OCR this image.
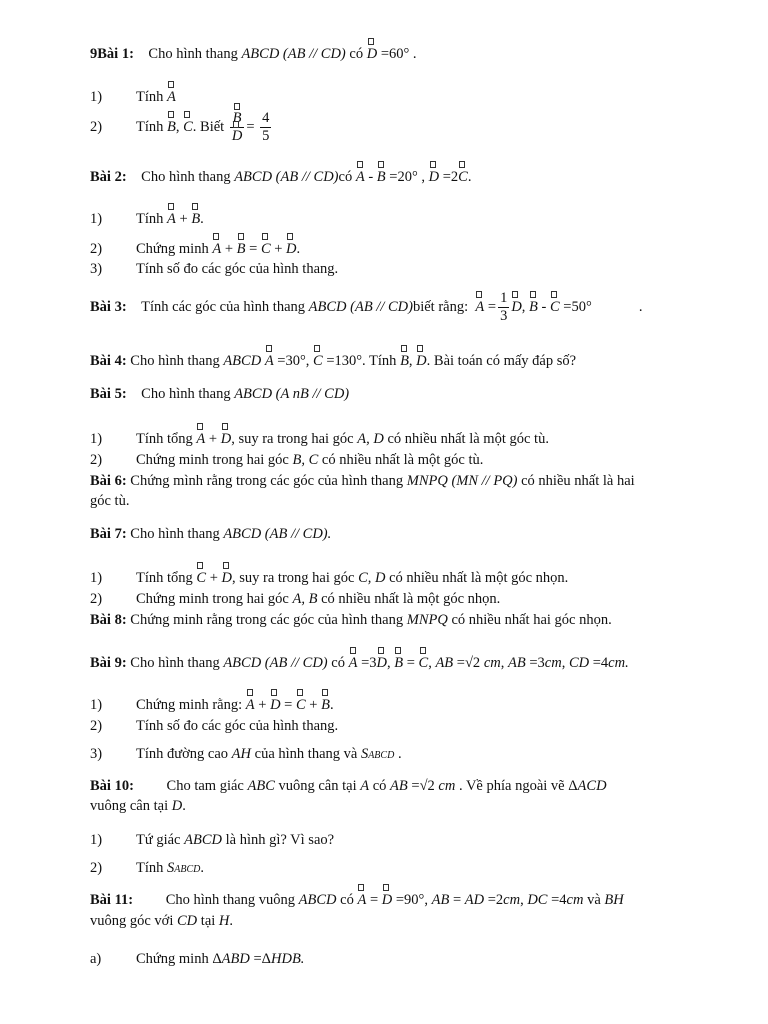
9Bài 1:    Cho hình thang ABCD (AB // CD) có D =60° .
1) Tính A
2) Tính B, C. Biết $\frac{B}{D} = \frac{4}{5}$
Bài 2:    Cho hình thang ABCD (AB // CD)có A - B =20° , D =2C.
1) Tính A + B.
2) Chứng minh A + B = C + D.
3) Tính số đo các góc của hình thang.
Bài 3:    Tính các góc của hình thang ABCD (AB // CD)biết rằng:  $A = \frac{1}{3} D$, B - C =50°             .
Bài 4: Cho hình thang ABCD A =30°, C =130°. Tính B, D. Bài toán có mấy đáp số?
Bài 5:    Cho hình thang ABCD (A nB // CD)
1) Tính tổng A + D, suy ra trong hai góc A, D có nhiều nhất là một góc tù.
2) Chứng minh trong hai góc B, C có nhiều nhất là một góc tù.
Bài 6: Chứng mình rằng trong các góc của hình thang MNPQ (MN // PQ) có nhiều nhất là hai
góc tù.
Bài 7: Cho hình thang ABCD (AB // CD).
1) Tính tổng C + D, suy ra trong hai góc C, D có nhiều nhất là một góc nhọn.
2) Chứng minh trong hai góc A, B có nhiều nhất là một góc nhọn.
Bài 8: Chứng minh rằng trong các góc của hình thang MNPQ có nhiều nhất hai góc nhọn.
Bài 9: Cho hình thang ABCD (AB // CD) có A =3D, B = C, AB =√2 cm, AB =3cm, CD =4cm.
1) Chứng minh rằng: A + D = C + B.
2) Tính số đo các góc của hình thang.
3) Tính đường cao AH của hình thang và SABCD .
Bài 10:         Cho tam giác ABC vuông cân tại A có AB =√2 cm . Về phía ngoài vẽ ΔACD
vuông cân tại D.
1) Tứ giác ABCD là hình gì? Vì sao?
2) Tính SABCD.
Bài 11:         Cho hình thang vuông ABCD có A = D =90°, AB = AD =2cm, DC =4cm và BH
vuông góc với CD tại H.
a) Chứng minh ΔABD =ΔHDB.
